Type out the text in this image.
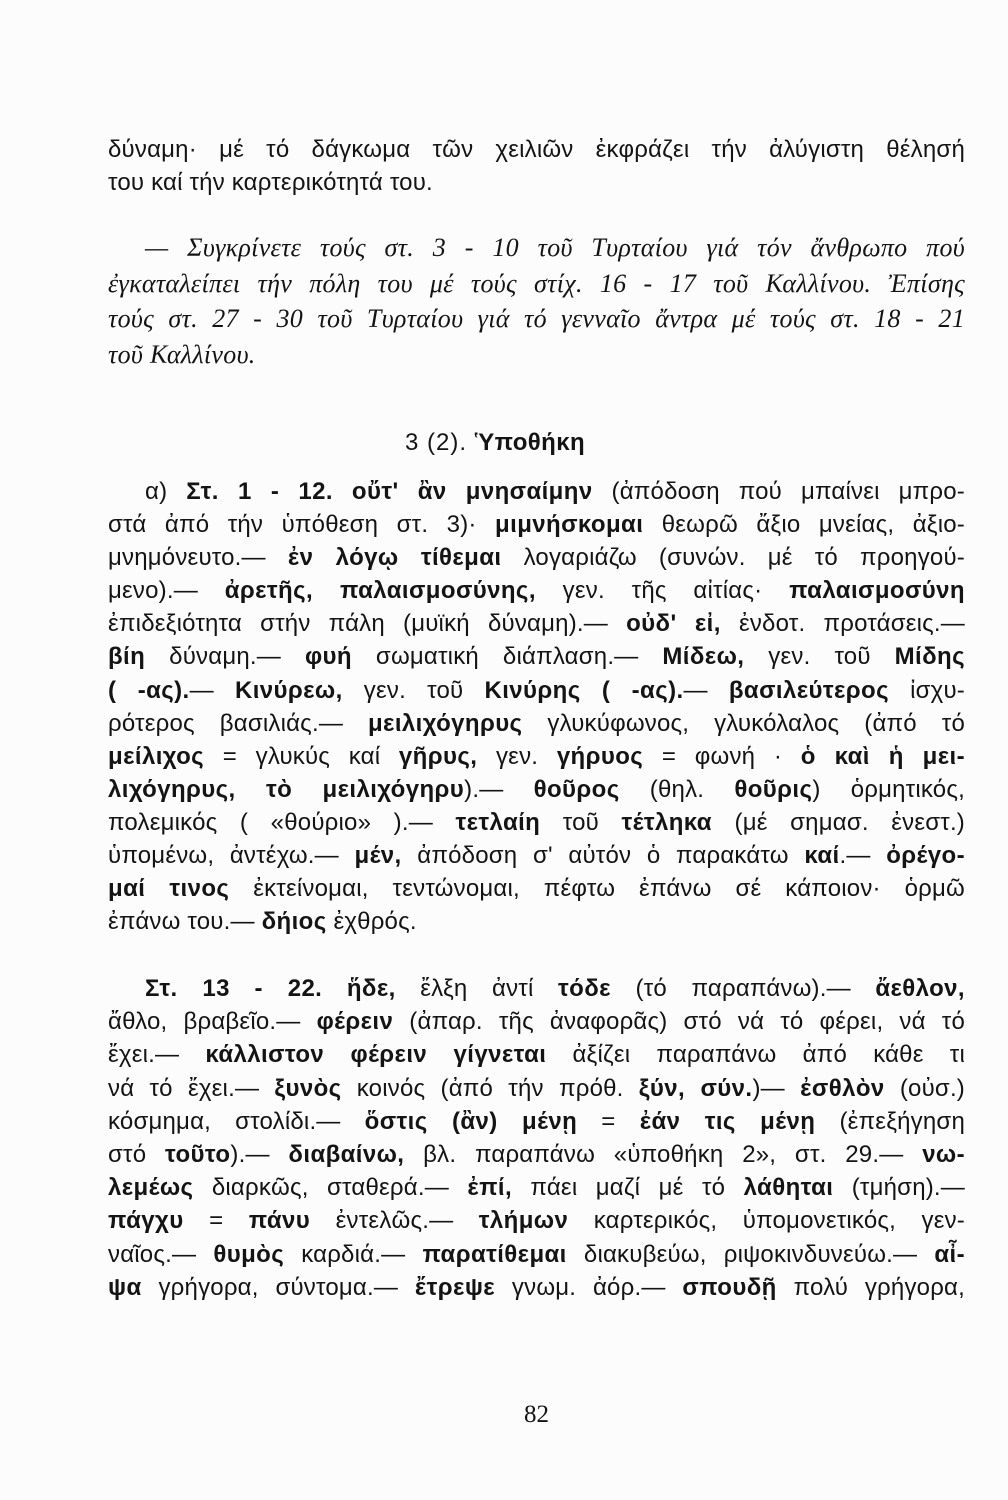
δύναμη· μέ τό δάγκωμα τῶν χειλιῶν ἐκφράζει τήν ἀλύγιστη θέλησή
του καί τήν καρτερικότητά του.
— Συγκρίνετε τούς στ. 3 - 10 τοῦ Τυρταίου γιά τόν ἄνθρωπο πού
ἐγκαταλείπει τήν πόλη του μέ τούς στίχ. 16 - 17 τοῦ Καλλίνου. Ἐπίσης
τούς στ. 27 - 30 τοῦ Τυρταίου γιά τό γενναῖο ἄντρα μέ τούς στ. 18 - 21
τοῦ Καλλίνου.
3 (2). Ὑποθήκη
α) Στ. 1 - 12. οὔτ' ἂν μνησαίμην (ἀπόδοση πού μπαίνει μπρο-
στά ἀπό τήν ὑπόθεση στ. 3)· μιμνήσκομαι θεωρῶ ἄξιο μνείας, ἀξιο-
μνημόνευτο.— ἐν λόγῳ τίθεμαι λογαριάζω (συνών. μέ τό προηγού-
μενο).— ἀρετῆς, παλαισμοσύνης, γεν. τῆς αἰτίας· παλαισμοσύνη
ἐπιδεξιότητα στήν πάλη (μυϊκή δύναμη).— οὐδ' εἰ, ἐνδοτ. προτάσεις.—
βίη δύναμη.— φυή σωματική διάπλαση.— Μίδεω, γεν. τοῦ Μίδης
( -ας).— Κινύρεω, γεν. τοῦ Κινύρης ( -ας).— βασιλεύτερος ἰσχυ-
ρότερος βασιλιάς.— μειλιχόγηρυς γλυκύφωνος, γλυκόλαλος (ἀπό τό
μείλιχος = γλυκύς καί γῆρυς, γεν. γήρυος = φωνή · ὁ καὶ ἡ μει-
λιχόγηρυς, τὸ μειλιχόγηρυ).— θοῦρος (θηλ. θοῦρις) ὁρμητικός,
πολεμικός ( «θούριο» ).— τετλαίη τοῦ τέτληκα (μέ σημασ. ἐνεστ.)
ὑπομένω, ἀντέχω.— μέν, ἀπόδοση σ' αὐτόν ὁ παρακάτω καί.— ὀρέγο-
μαί τινος ἐκτείνομαι, τεντώνομαι, πέφτω ἐπάνω σέ κάποιον· ὁρμῶ
ἐπάνω του.— δήιος ἐχθρός.
Στ. 13 - 22. ἥδε, ἔλξη ἀντί τόδε (τό παραπάνω).— ἄεθλον,
ἄθλο, βραβεῖο.— φέρειν (ἀπαρ. τῆς ἀναφορᾶς) στό νά τό φέρει, νά τό
ἔχει.— κάλλιστον φέρειν γίγνεται ἀξίζει παραπάνω ἀπό κάθε τι
νά τό ἔχει.— ξυνὸς κοινός (ἀπό τήν πρόθ. ξύν, σύν.)— ἐσθλὸν (οὐσ.)
κόσμημα, στολίδι.— ὅστις (ἂν) μένῃ = ἐάν τις μένῃ (ἐπεξήγηση
στό τοῦτο).— διαβαίνω, βλ. παραπάνω «ὑποθήκη 2», στ. 29.— νω-
λεμέως διαρκῶς, σταθερά.— ἐπί, πάει μαζί μέ τό λάθηται (τμήση).—
πάγχυ = πάνυ ἐντελῶς.— τλήμων καρτερικός, ὑπομονετικός, γεν-
ναῖος.— θυμὸς καρδιά.— παρατίθεμαι διακυβεύω, ριψοκινδυνεύω.— αἶ-
ψα γρήγορα, σύντομα.— ἔτρεψε γνωμ. ἀόρ.— σπουδῇ πολύ γρήγορα,
82
